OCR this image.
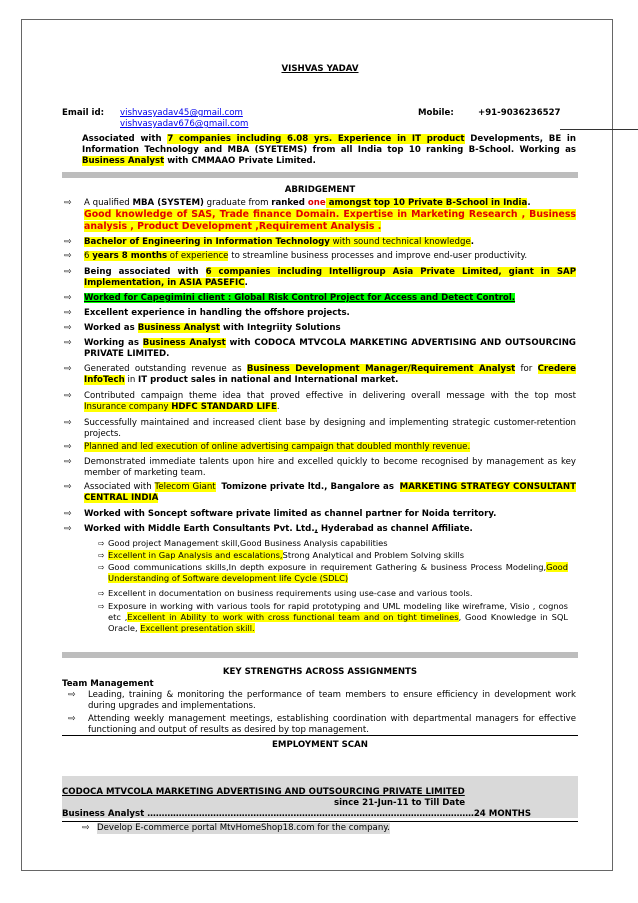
VISHVAS YADAV
Email id: vishvasyadav45@gmail.com
vishvasyadav676@gmail.com
Mobile:	+91-9036236527
Associated with 7 companies including 6.08 yrs. Experience in IT product Developments, BE in Information Technology and MBA (SYETEMS) from all India top 10 ranking B-School. Working as Business Analyst with CMMAAO Private Limited.
ABRIDGEMENT
⇨ A qualified MBA (SYSTEM) graduate from ranked one amongst top 10 Private B-School in India.
Good knowledge of SAS, Trade finance Domain. Expertise in Marketing Research , Business analysis , Product Development ,Requirement Analysis .
⇨ Bachelor of Engineering in Information Technology with sound technical knowledge.
⇨ 6 years 8 months of experience to streamline business processes and improve end-user productivity.
⇨ Being associated with 6 companies including Intelligroup Asia Private Limited, giant in SAP Implementation, in ASIA PASEFIC.
⇨ Worked for Capegimini client : Global Risk Control Project for Access and Detect Control.
⇨ Excellent experience in handling the offshore projects.
⇨ Worked as Business Analyst with Integriity Solutions
⇨ Working as Business Analyst with CODOCA MTVCOLA MARKETING ADVERTISING AND OUTSOURCING PRIVATE LIMITED.
⇨ Generated outstanding revenue as Business Development Manager/Requirement Analyst for Credere InfoTech in IT product sales in national and International market.
⇨ Contributed campaign theme idea that proved effective in delivering overall message with the top most Insurance company HDFC STANDARD LIFE.
⇨ Successfully maintained and increased client base by designing and implementing strategic customer-retention projects.
⇨ Planned and led execution of online advertising campaign that doubled monthly revenue.
⇨ Demonstrated immediate talents upon hire and excelled quickly to become recognised by management as key member of marketing team.
⇨ Associated with Telecom Giant Tomizone private ltd., Bangalore as MARKETING STRATEGY CONSULTANT CENTRAL INDIA
⇨ Worked with Soncept software private limited as channel partner for Noida territory.
⇨ Worked with Middle Earth Consultants Pvt. Ltd., Hyderabad as channel Affiliate.
⇨ Good project Management skill,Good Business Analysis capabilities
⇨ Excellent in Gap Analysis and escalations,Strong Analytical and Problem Solving skills
⇨ Good communications skills,In depth exposure in requirement Gathering & business Process Modeling,Good Understanding of Software development life Cycle (SDLC)
⇨ Excellent in documentation on business requirements using use-case and various tools.
⇨ Exposure in working with various tools for rapid prototyping and UML modeling like wireframe, Visio , cognos etc ,Excellent in Ability to work with cross functional team and on tight timelines, Good Knowledge in SQL Oracle, Excellent presentation skill.
KEY STRENGTHS ACROSS ASSIGNMENTS
Team Management
⇨ Leading, training & monitoring the performance of team members to ensure efficiency in development work during upgrades and implementations.
⇨ Attending weekly management meetings, establishing coordination with departmental managers for effective functioning and output of results as desired by top management.
EMPLOYMENT SCAN
CODOCA MTVCOLA MARKETING ADVERTISING AND OUTSOURCING PRIVATE LIMITED
since 21-Jun-11 to Till Date
Business Analyst ……………………………………………………………………………………………………24 MONTHS
⇨ Develop E-commerce portal MtvHomeShop18.com for the company.
